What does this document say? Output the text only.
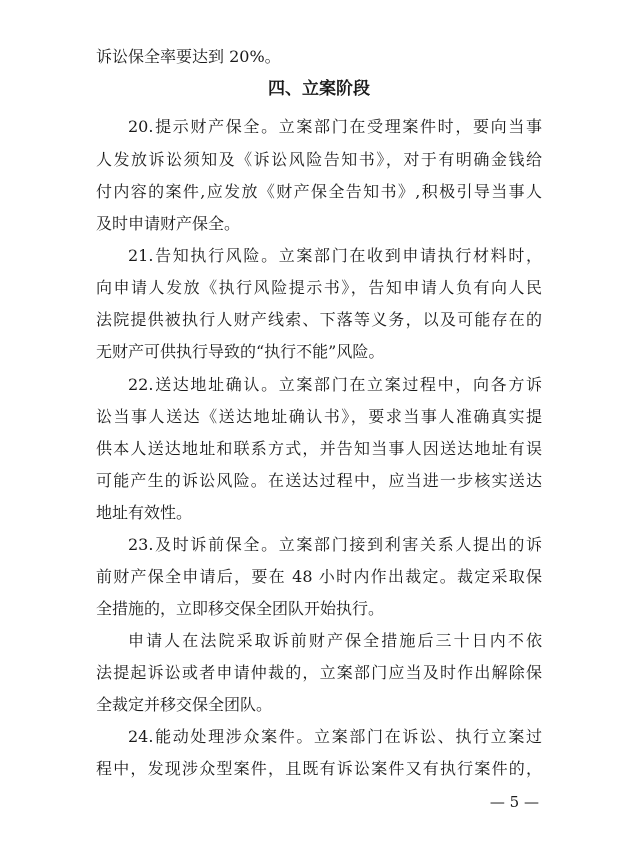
诉讼保全率要达到 20%。
四、立案阶段
20.提示财产保全。立案部门在受理案件时，要向当事
人发放诉讼须知及《诉讼风险告知书》，对于有明确金钱给
付内容的案件,应发放《财产保全告知书》,积极引导当事人
及时申请财产保全。
21.告知执行风险。立案部门在收到申请执行材料时，
向申请人发放《执行风险提示书》，告知申请人负有向人民
法院提供被执行人财产线索、下落等义务，以及可能存在的
无财产可供执行导致的“执行不能”风险。
22.送达地址确认。立案部门在立案过程中，向各方诉
讼当事人送达《送达地址确认书》，要求当事人准确真实提
供本人送达地址和联系方式，并告知当事人因送达地址有误
可能产生的诉讼风险。在送达过程中，应当进一步核实送达
地址有效性。
23.及时诉前保全。立案部门接到利害关系人提出的诉
前财产保全申请后，要在 48 小时内作出裁定。裁定采取保
全措施的，立即移交保全团队开始执行。
申请人在法院采取诉前财产保全措施后三十日内不依
法提起诉讼或者申请仲裁的，立案部门应当及时作出解除保
全裁定并移交保全团队。
24.能动处理涉众案件。立案部门在诉讼、执行立案过
程中，发现涉众型案件，且既有诉讼案件又有执行案件的，
— 5 —
